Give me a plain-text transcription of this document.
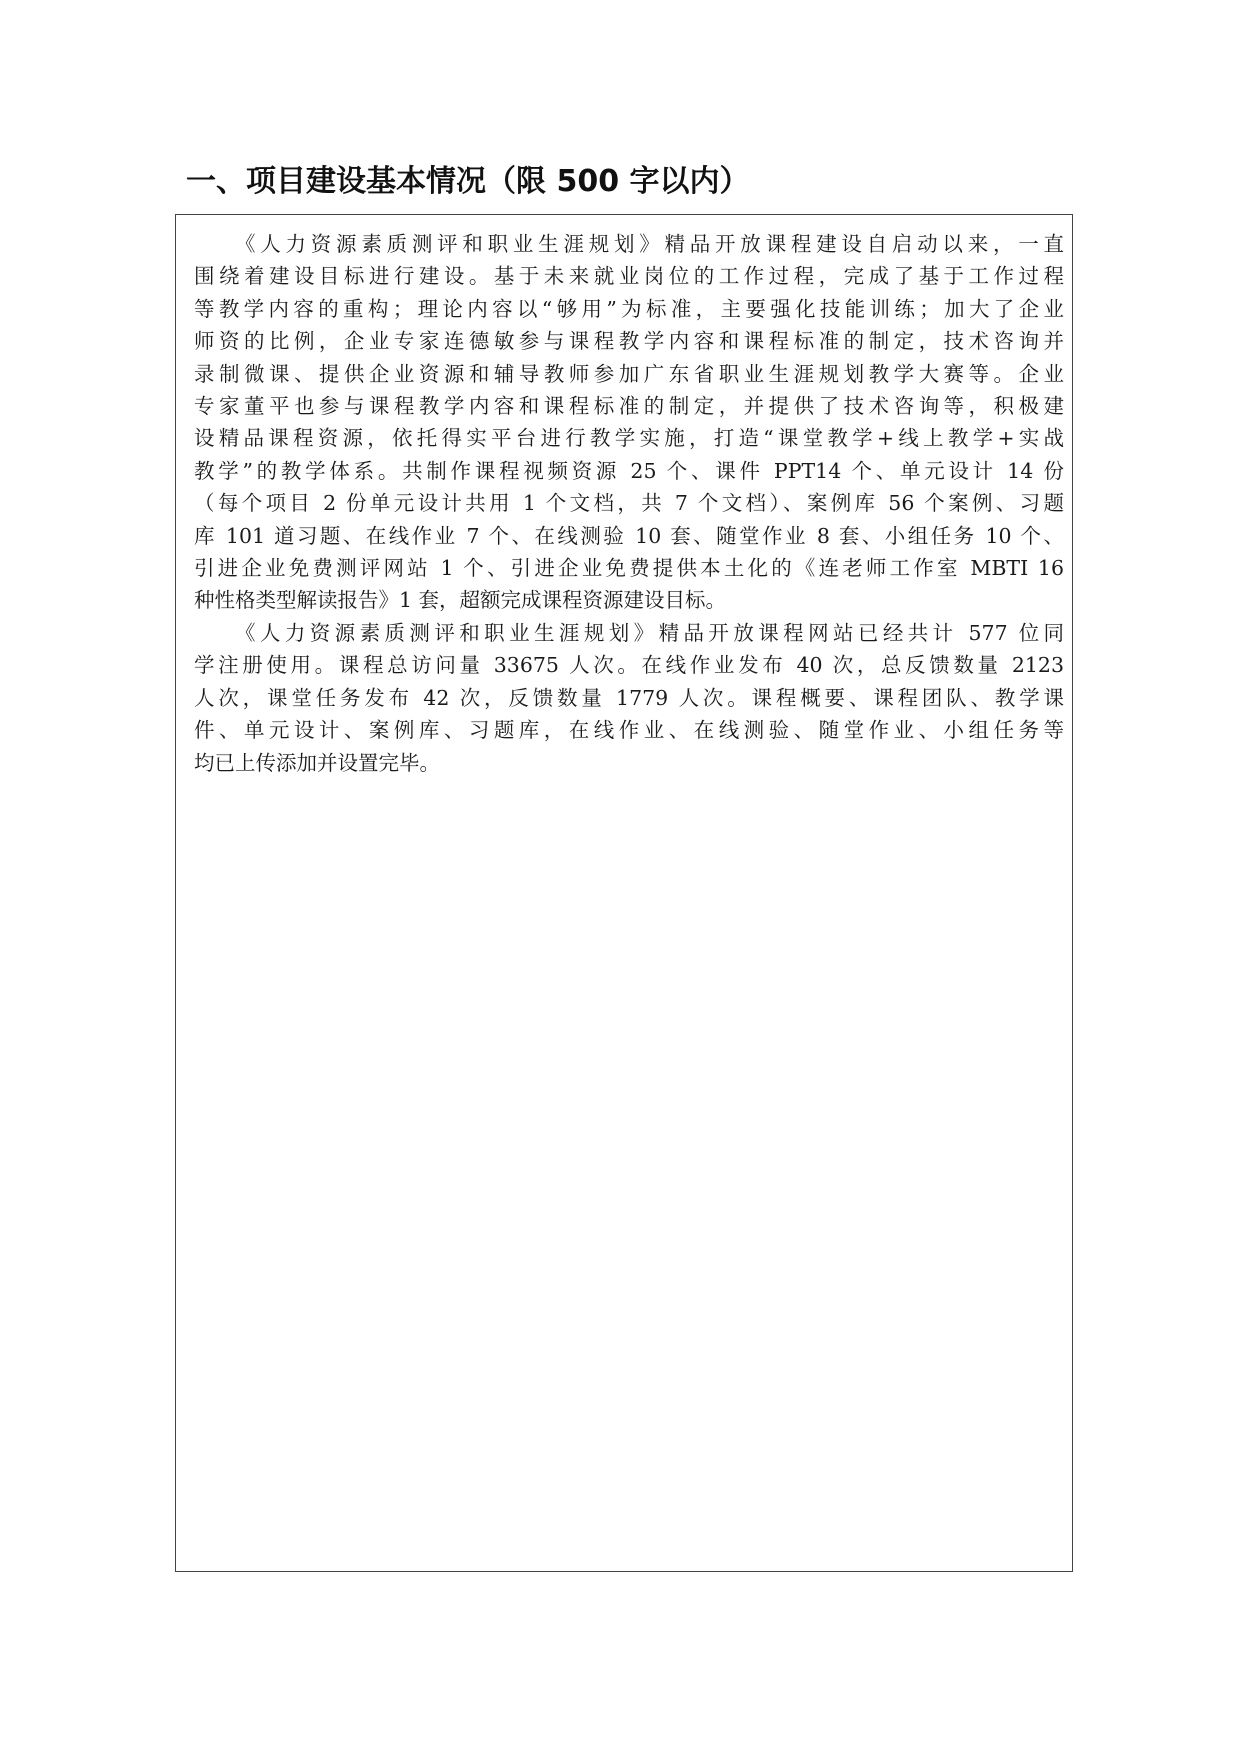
一、项目建设基本情况（限 500 字以内）
《人力资源素质测评和职业生涯规划》精品开放课程建设自启动以来，一直
围绕着建设目标进行建设。基于未来就业岗位的工作过程，完成了基于工作过程
等教学内容的重构；理论内容以“够用”为标准，主要强化技能训练；加大了企业
师资的比例，企业专家连德敏参与课程教学内容和课程标准的制定，技术咨询并
录制微课、提供企业资源和辅导教师参加广东省职业生涯规划教学大赛等。企业
专家董平也参与课程教学内容和课程标准的制定，并提供了技术咨询等，积极建
设精品课程资源，依托得实平台进行教学实施，打造“课堂教学+线上教学+实战
教学”的教学体系。共制作课程视频资源 25 个、课件 PPT14 个、单元设计 14 份
（每个项目 2 份单元设计共用 1 个文档，共 7 个文档）、案例库 56 个案例、习题
库 101 道习题、在线作业 7 个、在线测验 10 套、随堂作业 8 套、小组任务 10 个、
引进企业免费测评网站 1 个、引进企业免费提供本土化的《连老师工作室 MBTI 16
种性格类型解读报告》1 套，超额完成课程资源建设目标。
《人力资源素质测评和职业生涯规划》精品开放课程网站已经共计 577 位同
学注册使用。课程总访问量 33675 人次。在线作业发布 40 次，总反馈数量 2123
人次，课堂任务发布 42 次，反馈数量 1779 人次。课程概要、课程团队、教学课
件、单元设计、案例库、习题库，在线作业、在线测验、随堂作业、小组任务等
均已上传添加并设置完毕。
